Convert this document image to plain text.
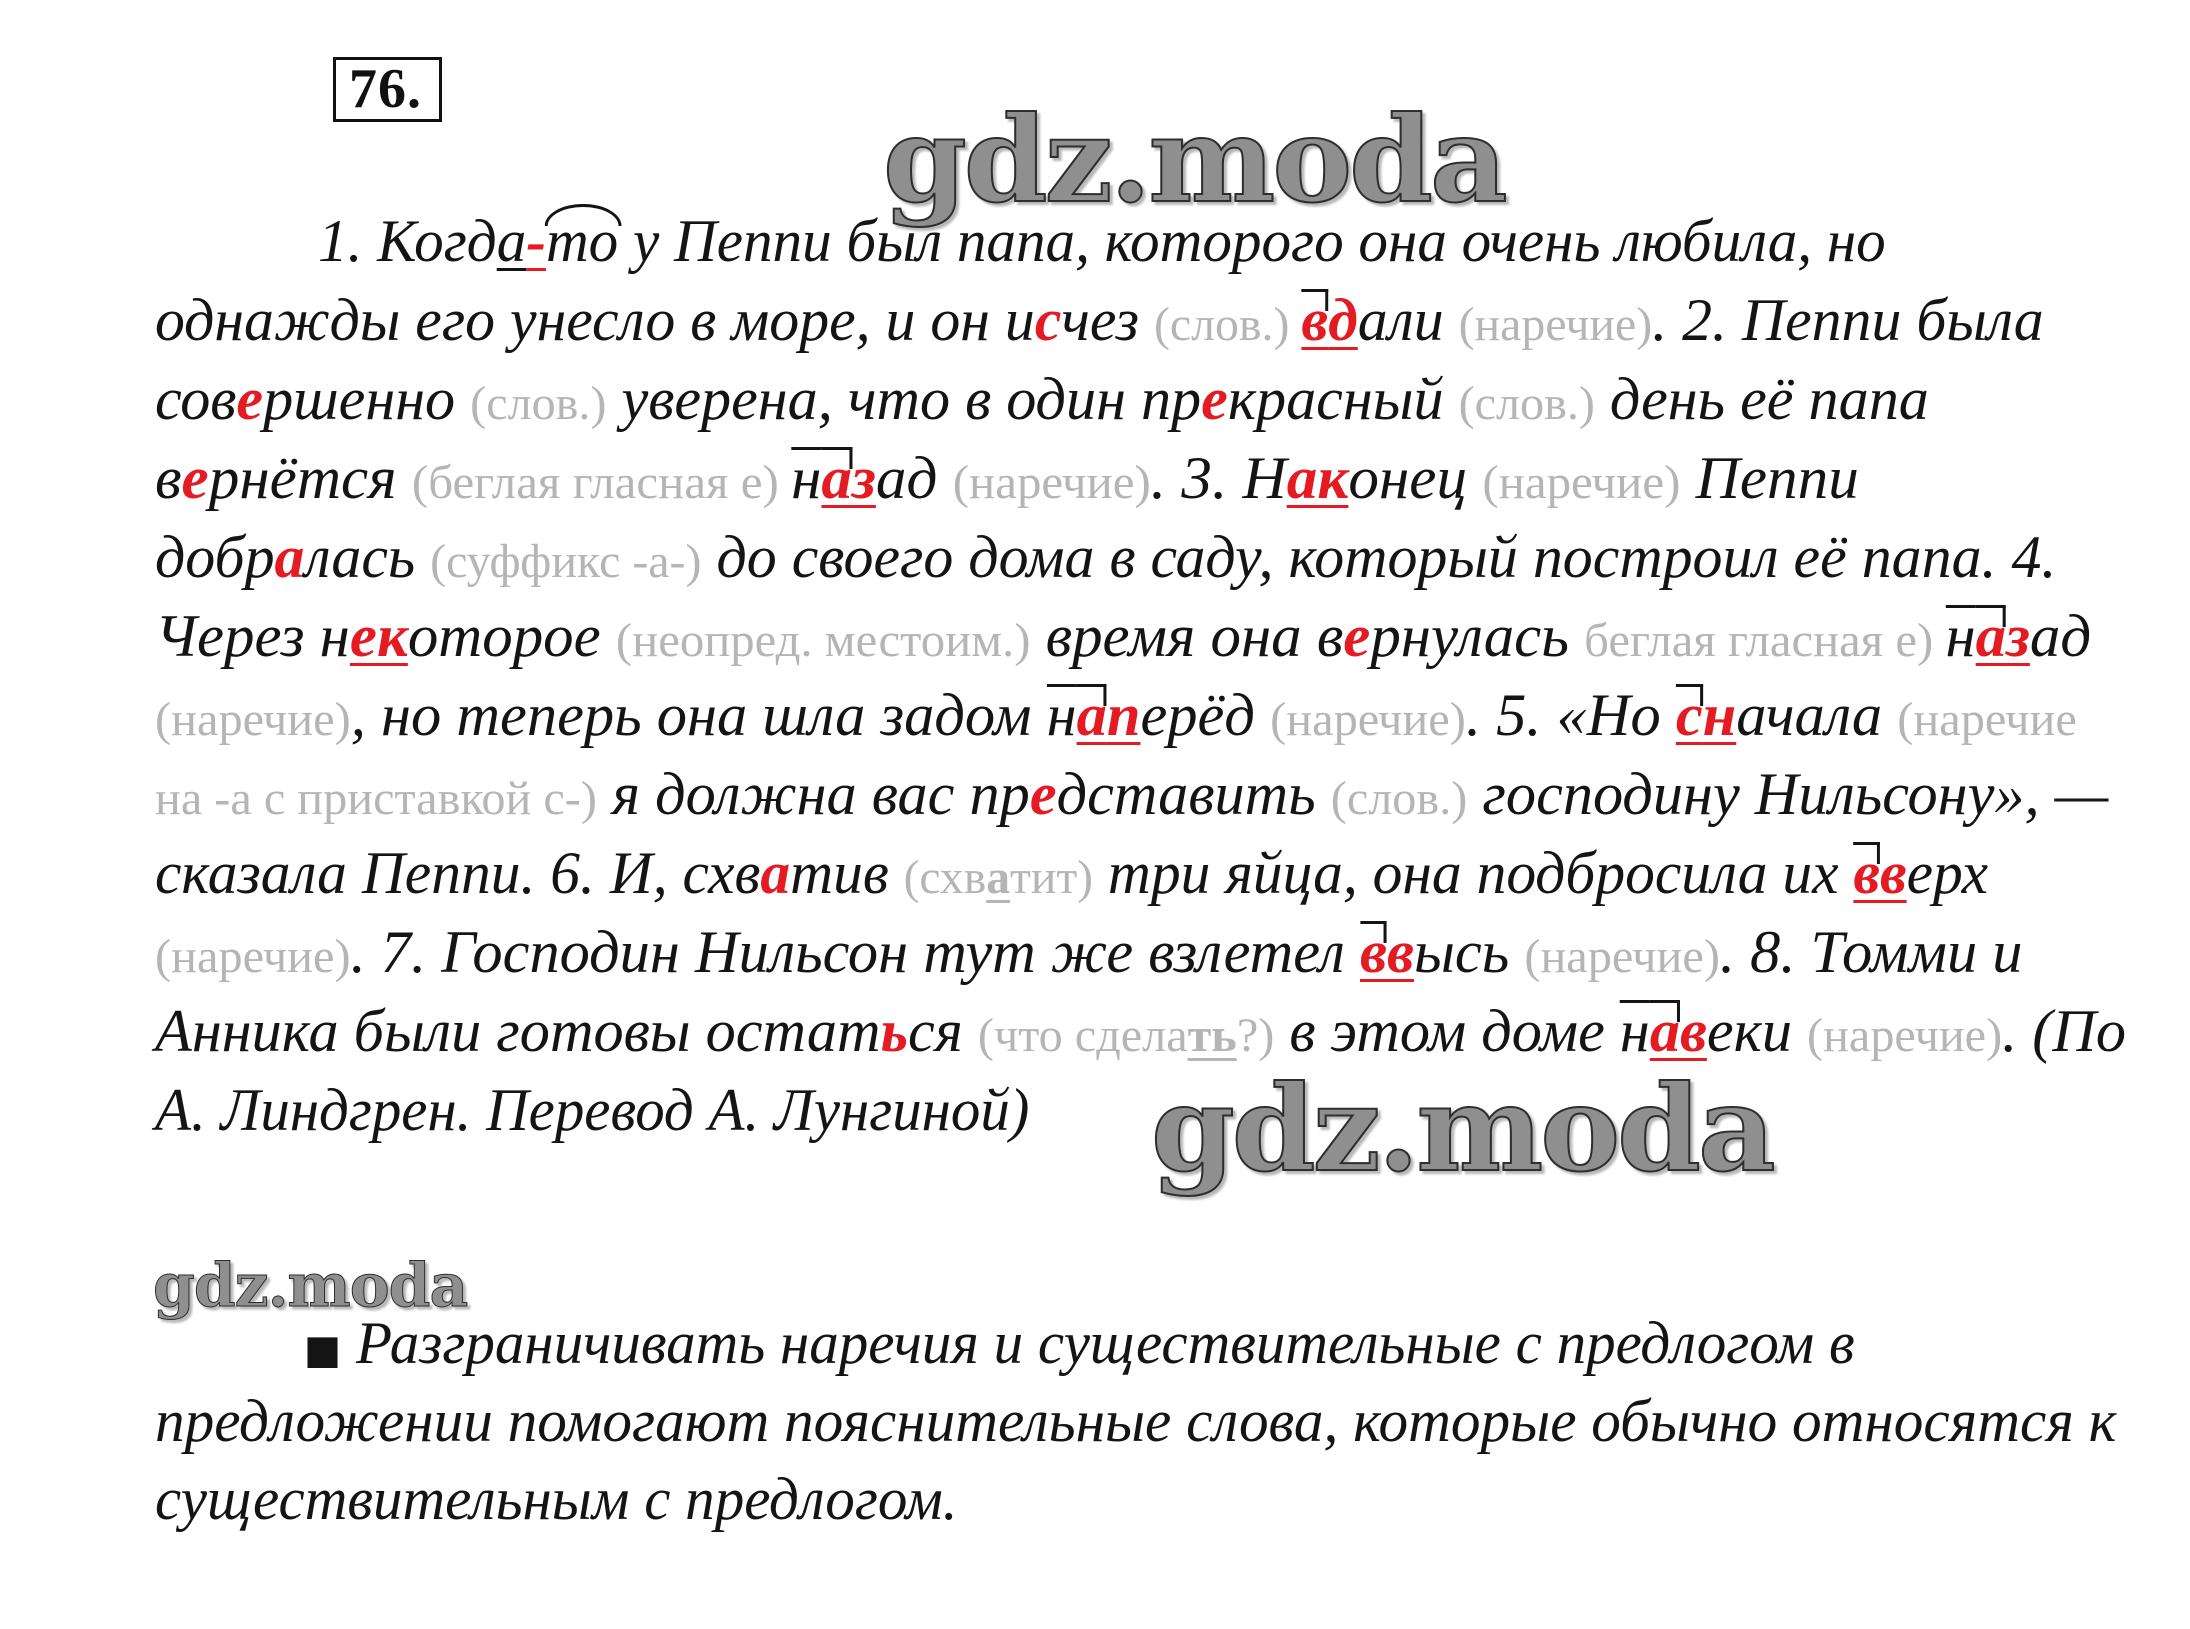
76.
gdz.moda
1. Когда-то у Пеппи был папа, которого она очень любила, но
однажды его унесло в море, и он исчез (слов.) вдали (наречие). 2. Пеппи была
совершенно (слов.) уверена, что в один прекрасный (слов.) день её папа
вернётся (беглая гласная е) назад (наречие). 3. Наконец (наречие) Пеппи
добралась (суффикс -а-) до своего дома в саду, который построил её папа. 4.
Через некоторое (неопред. местоим.) время она вернулась беглая гласная е) назад
(наречие), но теперь она шла задом наперёд (наречие). 5. «Но сначала (наречие
на -а с приставкой с-) я должна вас представить (слов.) господину Нильсону», —
сказала Пеппи. 6. И, схватив (схватит) три яйца, она подбросила их вверх
(наречие). 7. Господин Нильсон тут же взлетел ввысь (наречие). 8. Томми и
Анника были готовы остаться (что сделать?) в этом доме навеки (наречие). (По
А. Линдгрен. Перевод А. Лунгиной) gdz.moda
gdz.moda
■ Разграничивать наречия и существительные с предлогом в
предложении помогают пояснительные слова, которые обычно относятся к
существительным с предлогом.
